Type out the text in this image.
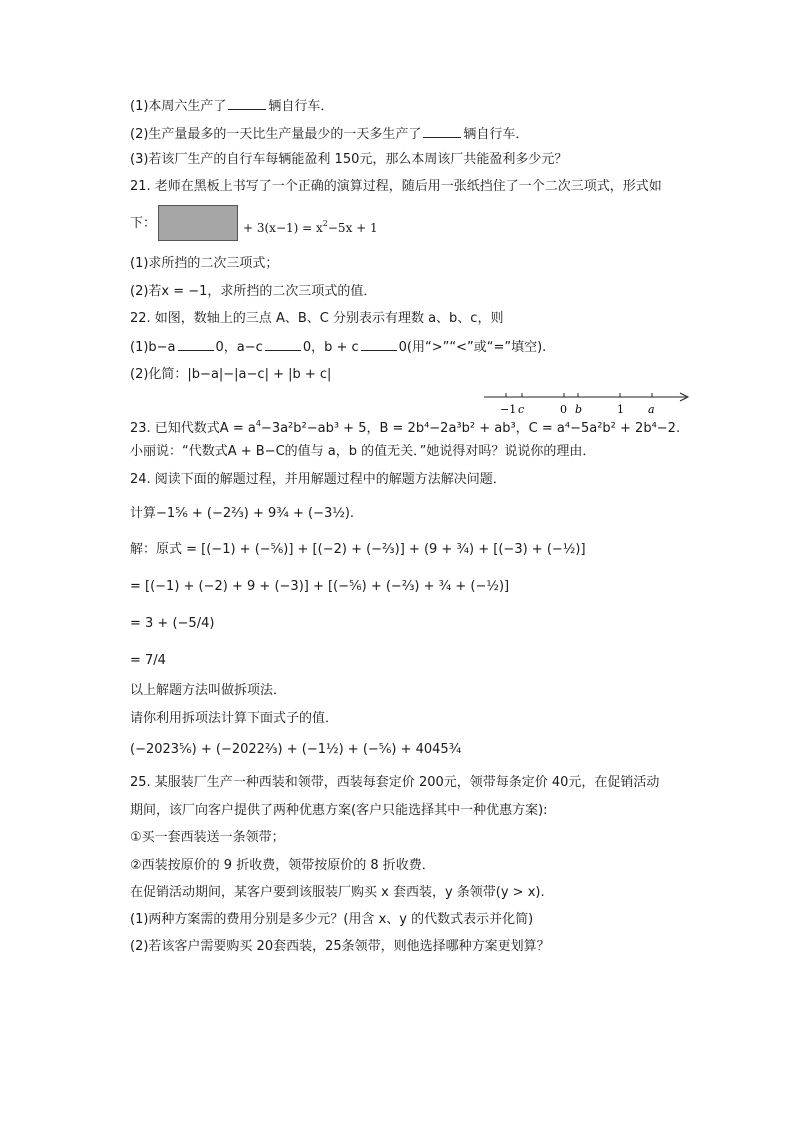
(1)本周六生产了	辆自行车．
(2)生产量最多的一天比生产量最少的一天多生产了	辆自行车．
(3)若该厂生产的自行车每辆能盈利 150元，那么本周该厂共能盈利多少元？
21. 老师在黑板上书写了一个正确的演算过程，随后用一张纸挡住了一个二次三项式，形式如
下：	+ $3(x-1) = x^2-5x + 1$
(1)求所挡的二次三项式；
(2)若x = −1，求所挡的二次三项式的值．
22. 如图，数轴上的三点 A、B、C 分别表示有理数 a、b、c，则
(1)b−a	0，a−c	0，b + c	0(用“>”“<”或“=”填空).
(2)化简：|b−a|−|a−c| + |b + c|
−1 c	0 b	1 a
23. 已知代数式$A = a^4-3a^2b^2-ab^3 + 5$，B = 2b⁴−2a³b² + ab³，C = a⁴−5a²b² + 2b⁴−2.
小丽说：“代数式A + B−C的值与 a，b 的值无关．”她说得对吗？说说你的理由．
24. 阅读下面的解题过程，并用解题过程中的解题方法解决问题．
计算−1⅚ + (−2⅔) + 9¾ + (−3½).
解：原式 = [(−1) + (−⅚)] + [(−2) + (−⅔)] + (9 + ¾) + [(−3) + (−½)]
= [(−1) + (−2) + 9 + (−3)] + [(−⅚) + (−⅔) + ¾ + (−½)]
= 3 + (−5/4)
= 7/4
以上解题方法叫做拆项法．
请你利用拆项法计算下面式子的值．
(−2023⅚) + (−2022⅔) + (−1½) + (−⅚) + 4045¾
25. 某服装厂生产一种西装和领带，西装每套定价 200元，领带每条定价 40元，在促销活动
期间，该厂向客户提供了两种优惠方案(客户只能选择其中一种优惠方案):
①买一套西装送一条领带；
②西装按原价的 9 折收费，领带按原价的 8 折收费．
在促销活动期间，某客户要到该服装厂购买 x 套西装，y 条领带(y > x).
(1)两种方案需的费用分别是多少元？(用含 x、y 的代数式表示并化简)
(2)若该客户需要购买 20套西装，25条领带，则他选择哪种方案更划算？
